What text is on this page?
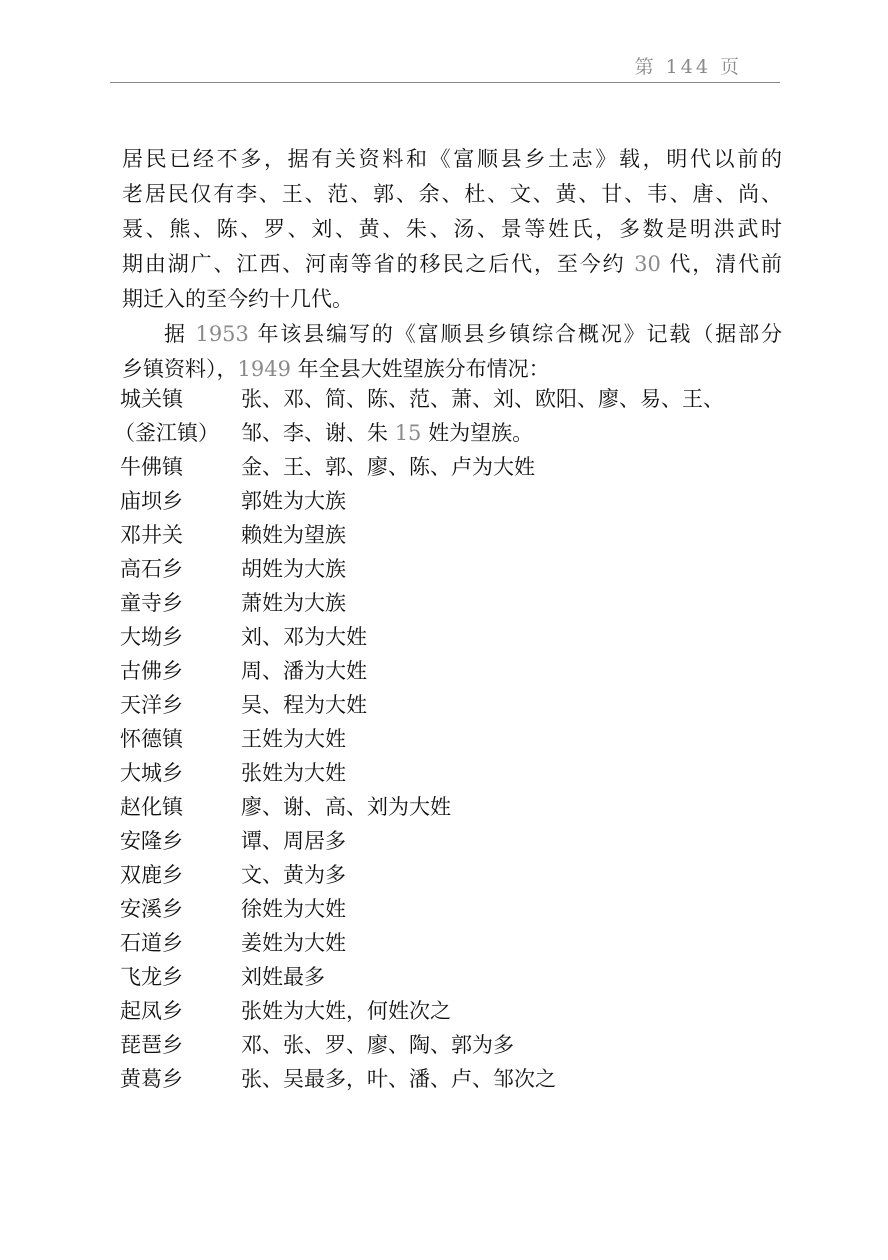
第 144 页
居民已经不多，据有关资料和《富顺县乡土志》载，明代以前的
老居民仅有李、王、范、郭、余、杜、文、黄、甘、韦、唐、尚、
聂、熊、陈、罗、刘、黄、朱、汤、景等姓氏，多数是明洪武时
期由湖广、江西、河南等省的移民之后代，至今约 30 代，清代前
期迁入的至今约十几代。
据 1953 年该县编写的《富顺县乡镇综合概况》记载（据部分
乡镇资料），1949 年全县大姓望族分布情况：
城关镇	张、邓、简、陈、范、萧、刘、欧阳、廖、易、王、
（釜江镇） 邹、李、谢、朱 15 姓为望族。
牛佛镇	金、王、郭、廖、陈、卢为大姓
庙坝乡	郭姓为大族
邓井关	赖姓为望族
高石乡	胡姓为大族
童寺乡	萧姓为大族
大坳乡	刘、邓为大姓
古佛乡	周、潘为大姓
天洋乡	吴、程为大姓
怀德镇	王姓为大姓
大城乡	张姓为大姓
赵化镇	廖、谢、高、刘为大姓
安隆乡	谭、周居多
双鹿乡	文、黄为多
安溪乡	徐姓为大姓
石道乡	姜姓为大姓
飞龙乡	刘姓最多
起凤乡	张姓为大姓，何姓次之
琵琶乡	邓、张、罗、廖、陶、郭为多
黄葛乡	张、吴最多，叶、潘、卢、邹次之
